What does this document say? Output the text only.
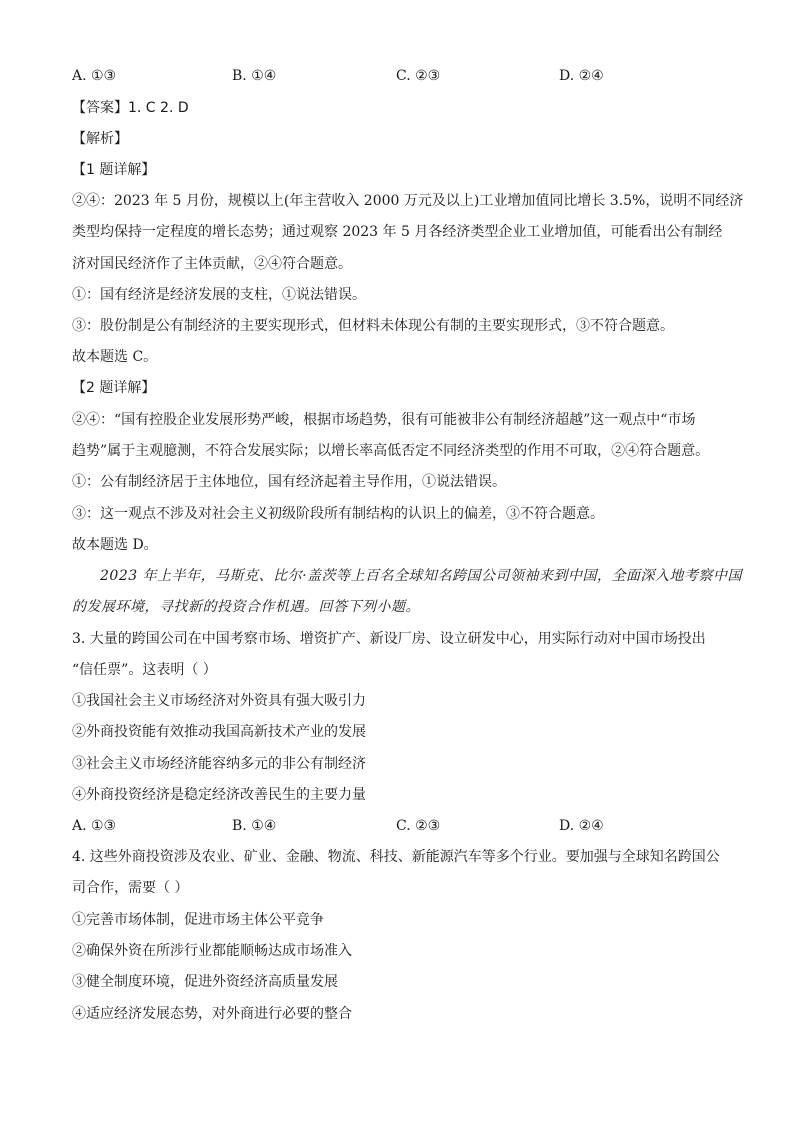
A. ①③	B. ①④	C. ②③	D. ②④
【答案】1. C 2. D
【解析】
【1 题详解】
②④：2023 年 5 月份，规模以上(年主营收入 2000 万元及以上)工业增加值同比增长 3.5%，说明不同经济
类型均保持一定程度的增长态势；通过观察 2023 年 5 月各经济类型企业工业增加值，可能看出公有制经
济对国民经济作了主体贡献，②④符合题意。
①：国有经济是经济发展的支柱，①说法错误。
③：股份制是公有制经济的主要实现形式，但材料未体现公有制的主要实现形式，③不符合题意。
故本题选 C。
【2 题详解】
②④：“国有控股企业发展形势严峻，根据市场趋势，很有可能被非公有制经济超越”这一观点中“市场
趋势”属于主观臆测，不符合发展实际；以增长率高低否定不同经济类型的作用不可取，②④符合题意。
①：公有制经济居于主体地位，国有经济起着主导作用，①说法错误。
③：这一观点不涉及对社会主义初级阶段所有制结构的认识上的偏差，③不符合题意。
故本题选 D。
2023 年上半年，马斯克、比尔·盖茨等上百名全球知名跨国公司领袖来到中国，全面深入地考察中国
的发展环境，寻找新的投资合作机遇。回答下列小题。
3. 大量的跨国公司在中国考察市场、增资扩产、新设厂房、设立研发中心，用实际行动对中国市场投出
“信任票”。这表明（ ）
①我国社会主义市场经济对外资具有强大吸引力
②外商投资能有效推动我国高新技术产业的发展
③社会主义市场经济能容纳多元的非公有制经济
④外商投资经济是稳定经济改善民生的主要力量
A. ①③	B. ①④	C. ②③	D. ②④
4. 这些外商投资涉及农业、矿业、金融、物流、科技、新能源汽车等多个行业。要加强与全球知名跨国公
司合作，需要（ ）
①完善市场体制，促进市场主体公平竞争
②确保外资在所涉行业都能顺畅达成市场准入
③健全制度环境，促进外资经济高质量发展
④适应经济发展态势，对外商进行必要的整合
